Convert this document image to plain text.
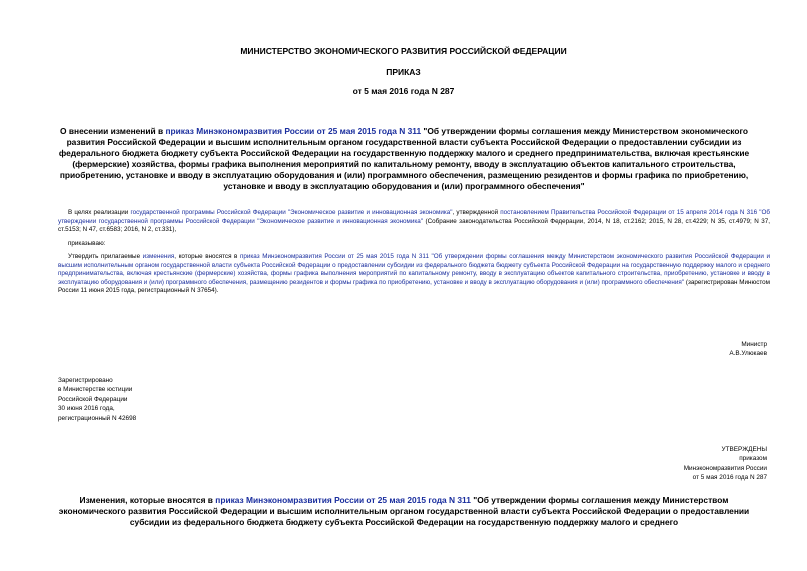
МИНИСТЕРСТВО ЭКОНОМИЧЕСКОГО РАЗВИТИЯ РОССИЙСКОЙ ФЕДЕРАЦИИ
ПРИКАЗ
от 5 мая 2016 года N 287
О внесении изменений в приказ Минэкономразвития России от 25 мая 2015 года N 311 "Об утверждении формы соглашения между Министерством экономического развития Российской Федерации и высшим исполнительным органом государственной власти субъекта Российской Федерации о предоставлении субсидии из федерального бюджета бюджету субъекта Российской Федерации на государственную поддержку малого и среднего предпринимательства, включая крестьянские (фермерские) хозяйства, формы графика выполнения мероприятий по капитальному ремонту, вводу в эксплуатацию объектов капитального строительства, приобретению, установке и вводу в эксплуатацию оборудования и (или) программного обеспечения, размещению резидентов и формы графика по приобретению, установке и вводу в эксплуатацию оборудования и (или) программного обеспечения"
В целях реализации государственной программы Российской Федерации "Экономическое развитие и инновационная экономика", утвержденной постановлением Правительства Российской Федерации от 15 апреля 2014 года N 316 "Об утверждении государственной программы Российской Федерации "Экономическое развитие и инновационная экономика" (Собрание законодательства Российской Федерации, 2014, N 18, ст.2162; 2015, N 28, ст.4229; N 35, ст.4979; N 37, ст.5153; N 47, ст.6583; 2016, N 2, ст.331),
приказываю:
Утвердить прилагаемые изменения, которые вносятся в приказ Минэкономразвития России от 25 мая 2015 года N 311 "Об утверждении формы соглашения между Министерством экономического развития Российской Федерации и высшим исполнительным органом государственной власти субъекта Российской Федерации о предоставлении субсидии из федерального бюджета бюджету субъекта Российской Федерации на государственную поддержку малого и среднего предпринимательства, включая крестьянские (фермерские) хозяйства, формы графика выполнения мероприятий по капитальному ремонту, вводу в эксплуатацию объектов капитального строительства, приобретению, установке и вводу в эксплуатацию оборудования и (или) программного обеспечения, размещению резидентов и формы графика по приобретению, установке и вводу в эксплуатацию оборудования и (или) программного обеспечения" (зарегистрирован Минюстом России 11 июня 2015 года, регистрационный N 37654).
Министр
А.В.Улюкаев
Зарегистрировано
в Министерстве юстиции
Российской Федерации
30 июня 2016 года,
регистрационный N 42698
УТВЕРЖДЕНЫ
приказом
Минэкономразвития России
от 5 мая 2016 года N 287
Изменения, которые вносятся в приказ Минэкономразвития России от 25 мая 2015 года N 311 "Об утверждении формы соглашения между Министерством экономического развития Российской Федерации и высшим исполнительным органом государственной власти субъекта Российской Федерации о предоставлении субсидии из федерального бюджета бюджету субъекта Российской Федерации на государственную поддержку малого и среднего
